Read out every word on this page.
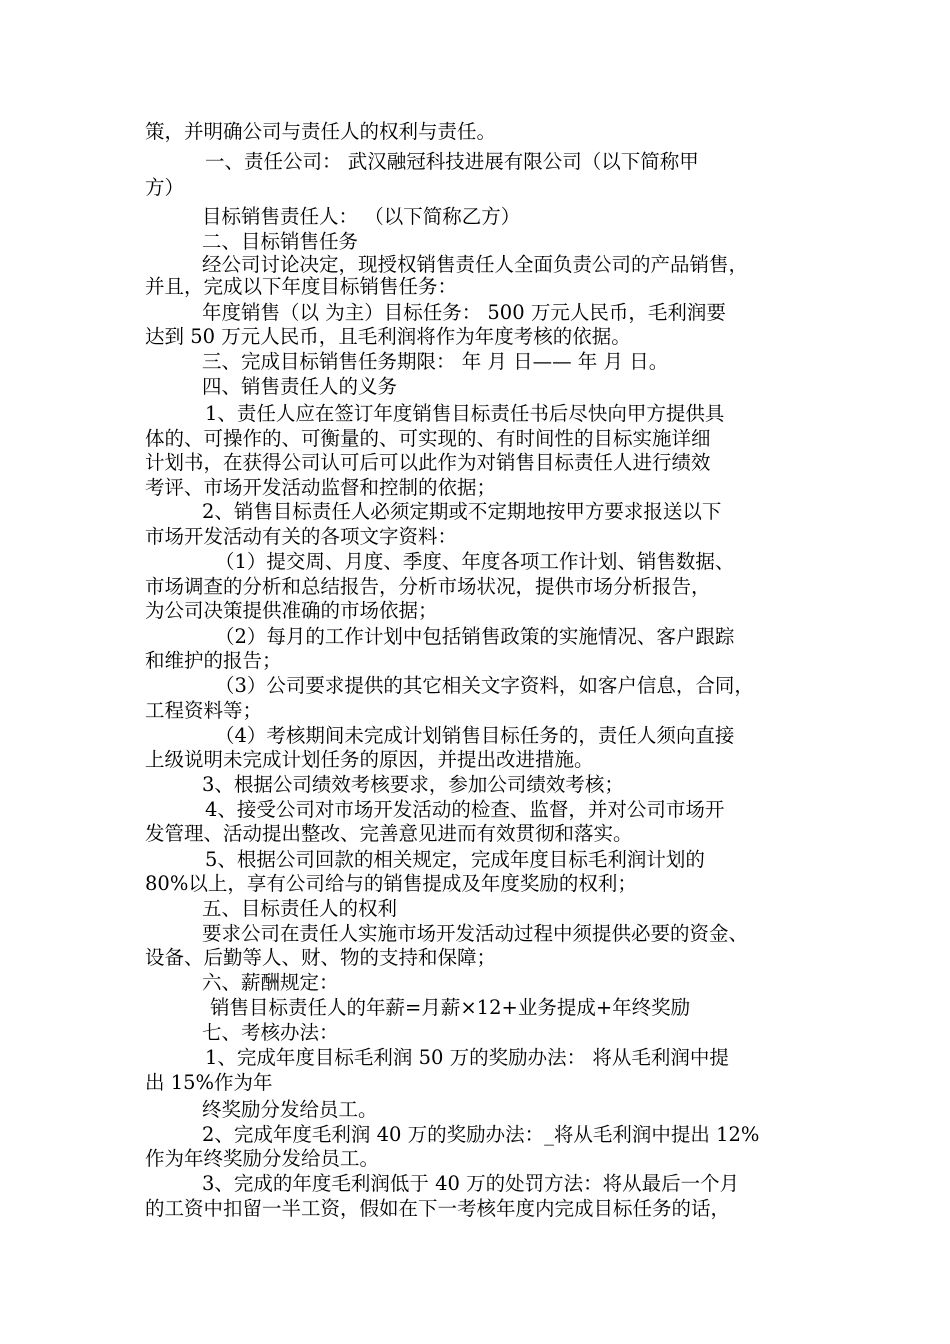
策，并明确公司与责任人的权利与责任。
一、责任公司： 武汉融冠科技进展有限公司（以下简称甲
方）
目标销售责任人： （以下简称乙方）
二、目标销售任务
经公司讨论决定，现授权销售责任人全面负责公司的产品销售，
并且，完成以下年度目标销售任务：
年度销售（以 为主）目标任务： 500 万元人民币，毛利润要
达到 50 万元人民币，且毛利润将作为年度考核的依据。
三、完成目标销售任务期限： 年 月 日—— 年 月 日。
四、销售责任人的义务
1、责任人应在签订年度销售目标责任书后尽快向甲方提供具
体的、可操作的、可衡量的、可实现的、有时间性的目标实施详细
计划书，在获得公司认可后可以此作为对销售目标责任人进行绩效
考评、市场开发活动监督和控制的依据；
2、销售目标责任人必须定期或不定期地按甲方要求报送以下
市场开发活动有关的各项文字资料：
（1）提交周、月度、季度、年度各项工作计划、销售数据、
市场调查的分析和总结报告，分析市场状况，提供市场分析报告，
为公司决策提供准确的市场依据；
（2）每月的工作计划中包括销售政策的实施情况、客户跟踪
和维护的报告；
（3）公司要求提供的其它相关文字资料，如客户信息，合同，
工程资料等；
（4）考核期间未完成计划销售目标任务的，责任人须向直接
上级说明未完成计划任务的原因，并提出改进措施。
3、根据公司绩效考核要求，参加公司绩效考核；
4、接受公司对市场开发活动的检查、监督，并对公司市场开
发管理、活动提出整改、完善意见进而有效贯彻和落实。
5、根据公司回款的相关规定，完成年度目标毛利润计划的
80%以上，享有公司给与的销售提成及年度奖励的权利；
五、目标责任人的权利
要求公司在责任人实施市场开发活动过程中须提供必要的资金、
设备、后勤等人、财、物的支持和保障；
六、薪酬规定：
销售目标责任人的年薪=月薪×12+业务提成+年终奖励
七、考核办法：
1、完成年度目标毛利润 50 万的奖励办法： 将从毛利润中提
出 15%作为年
终奖励分发给员工。
2、完成年度毛利润 40 万的奖励办法：_将从毛利润中提出 12%
作为年终奖励分发给员工。
3、完成的年度毛利润低于 40 万的处罚方法：将从最后一个月
的工资中扣留一半工资，假如在下一考核年度内完成目标任务的话，
